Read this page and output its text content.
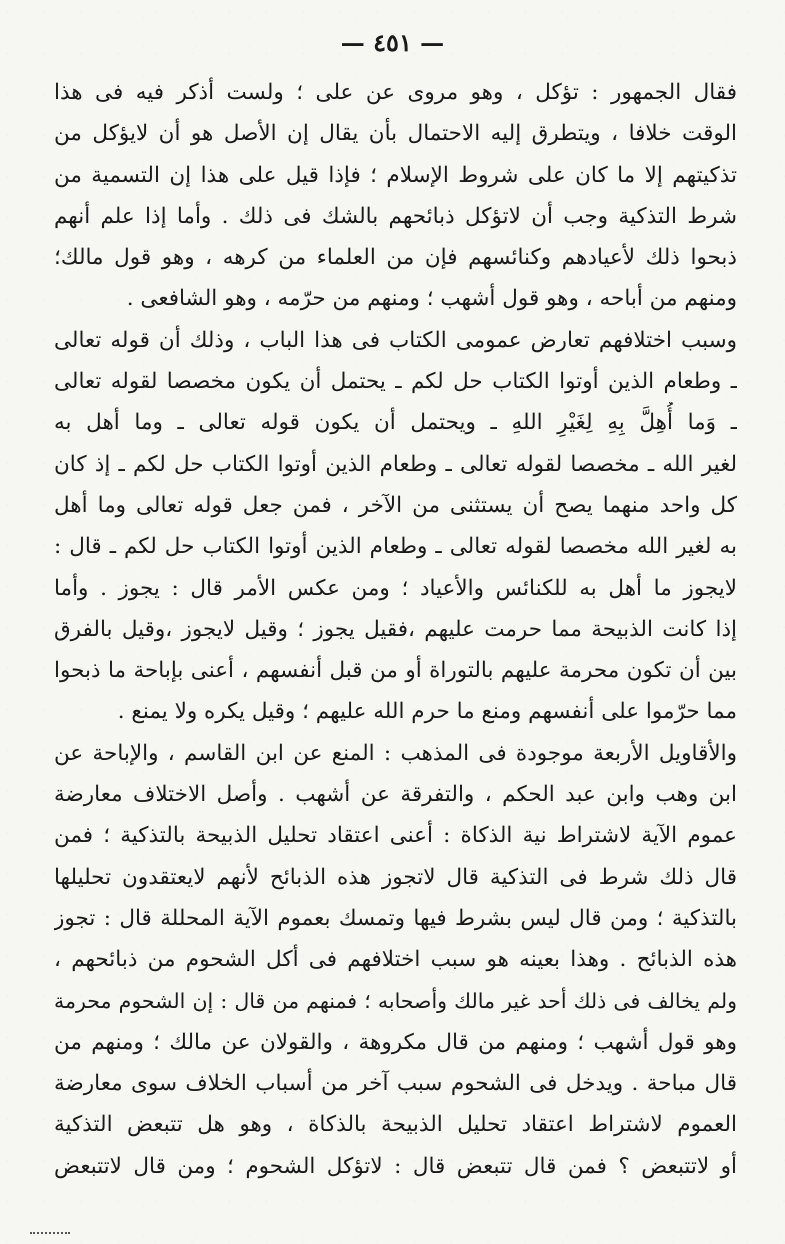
— ٤٥١ —
فقال الجمهور : تؤكل ، وهو مروى عن على ؛ ولست أذكر فيه فى هذا
الوقت خلافا ، ويتطرق إليه الاحتمال بأن يقال إن الأصل هو أن لايؤكل من
تذكيتهم إلا ما كان على شروط الإسلام ؛ فإذا قيل على هذا إن التسمية من
شرط التذكية وجب أن لاتؤكل ذبائحهم بالشك فى ذلك . وأما إذا علم أنهم
ذبحوا ذلك لأعيادهم وكنائسهم فإن من العلماء من كرهه ، وهو قول مالك؛
ومنهم من أباحه ، وهو قول أشهب ؛ ومنهم من حرّمه ، وهو الشافعى .
وسبب اختلافهم تعارض عمومى الكتاب فى هذا الباب ، وذلك أن قوله تعالى
ـ وطعام الذين أوتوا الكتاب حل لكم ـ يحتمل أن يكون مخصصا لقوله تعالى
ـ وَما أُهِلَّ بِهِ لِغَيْرِ اللهِ ـ ويحتمل أن يكون قوله تعالى ـ وما أهل به
لغير الله ـ مخصصا لقوله تعالى ـ وطعام الذين أوتوا الكتاب حل لكم ـ إذ كان
كل واحد منهما يصح أن يستثنى من الآخر ، فمن جعل قوله تعالى وما أهل
به لغير الله مخصصا لقوله تعالى ـ وطعام الذين أوتوا الكتاب حل لكم ـ قال :
لايجوز ما أهل به للكنائس والأعياد ؛ ومن عكس الأمر قال : يجوز . وأما
إذا كانت الذبيحة مما حرمت عليهم ،فقيل يجوز ؛ وقيل لايجوز ،وقيل بالفرق
بين أن تكون محرمة عليهم بالتوراة أو من قبل أنفسهم ، أعنى بإباحة ما ذبحوا
مما حرّموا على أنفسهم ومنع ما حرم الله عليهم ؛ وقيل يكره ولا يمنع .
والأقاويل الأربعة موجودة فى المذهب : المنع عن ابن القاسم ، والإباحة عن
ابن وهب وابن عبد الحكم ، والتفرقة عن أشهب . وأصل الاختلاف معارضة
عموم الآية لاشتراط نية الذكاة : أعنى اعتقاد تحليل الذبيحة بالتذكية ؛ فمن
قال ذلك شرط فى التذكية قال لاتجوز هذه الذبائح لأنهم لايعتقدون تحليلها
بالتذكية ؛ ومن قال ليس بشرط فيها وتمسك بعموم الآية المحللة قال : تجوز
هذه الذبائح . وهذا بعينه هو سبب اختلافهم فى أكل الشحوم من ذبائحهم ،
ولم يخالف فى ذلك أحد غير مالك وأصحابه ؛ فمنهم من قال : إن الشحوم محرمة
وهو قول أشهب ؛ ومنهم من قال مكروهة ، والقولان عن مالك ؛ ومنهم من
قال مباحة . ويدخل فى الشحوم سبب آخر من أسباب الخلاف سوى معارضة
العموم لاشتراط اعتقاد تحليل الذبيحة بالذكاة ، وهو هل تتبعض التذكية
أو لاتتبعض ؟ فمن قال تتبعض قال : لاتؤكل الشحوم ؛ ومن قال لاتتبعض
